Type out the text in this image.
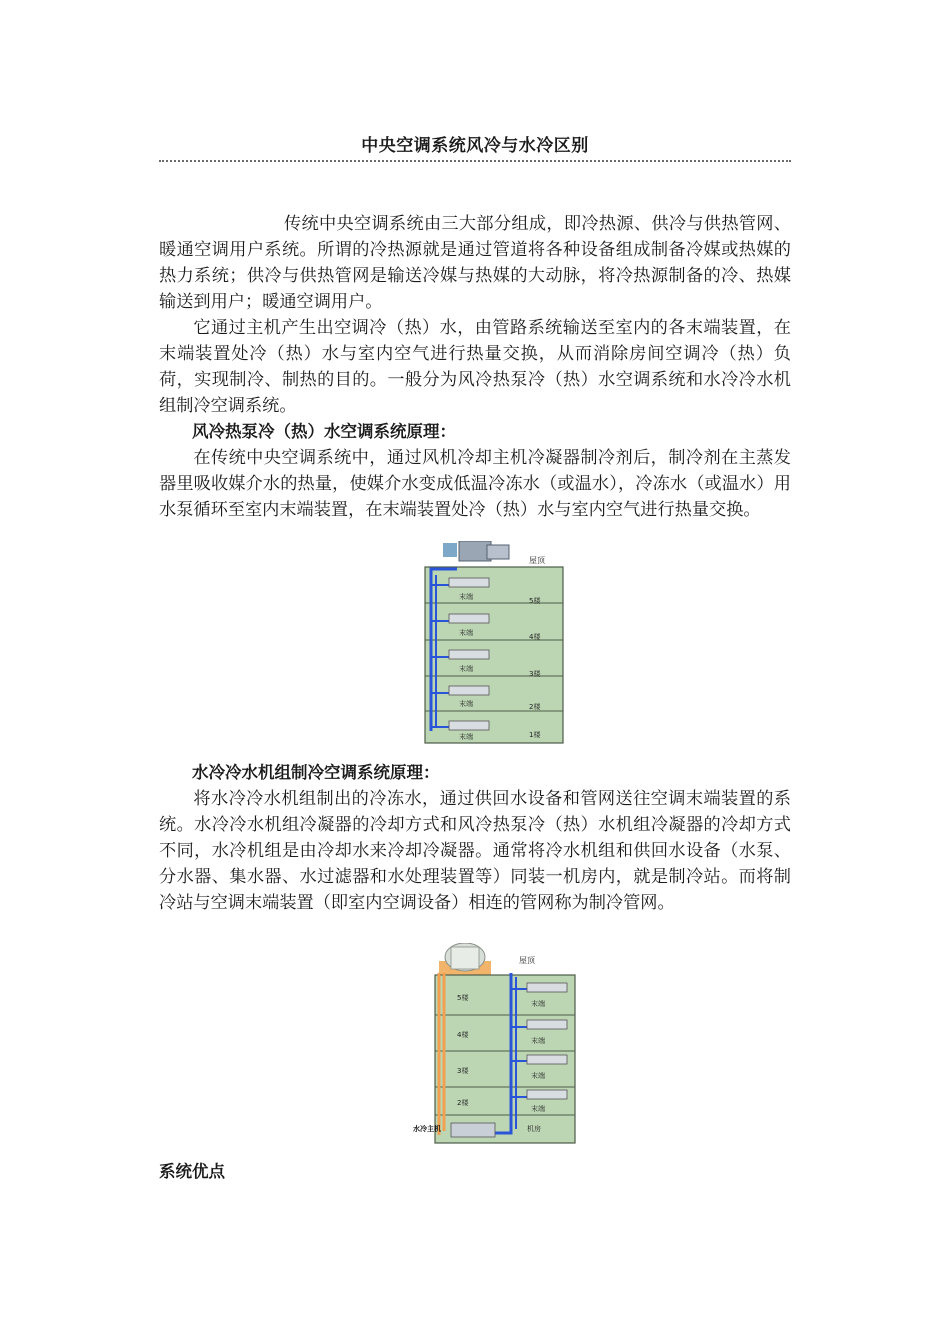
中央空调系统风冷与水冷区别

传统中央空调系统由三大部分组成，即冷热源、供冷与供热管网、暖通空调用户系统。所谓的冷热源就是通过管道将各种设备组成制备冷媒或热媒的热力系统；供冷与供热管网是输送冷媒与热媒的大动脉，将冷热源制备的冷、热媒输送到用户；暖通空调用户。

它通过主机产生出空调冷（热）水，由管路系统输送至室内的各末端装置，在末端装置处冷（热）水与室内空气进行热量交换，从而消除房间空调冷（热）负荷，实现制冷、制热的目的。一般分为风冷热泵冷（热）水空调系统和水冷冷水机组制冷空调系统。

风冷热泵冷（热）水空调系统原理：

在传统中央空调系统中，通过风机冷却主机冷凝器制冷剂后，制冷剂在主蒸发器里吸收媒介水的热量，使媒介水变成低温冷冻水（或温水），冷冻水（或温水）用水泵循环至室内末端装置，在末端装置处冷（热）水与室内空气进行热量交换。

屋顶
末端
末端
末端
末端
末端
5楼
4楼
3楼
2楼
1楼

水冷冷水机组制冷空调系统原理：

将水冷冷水机组制出的冷冻水，通过供回水设备和管网送往空调末端装置的系统。水冷冷水机组冷凝器的冷却方式和风冷热泵冷（热）水机组冷凝器的冷却方式不同，水冷机组是由冷却水来冷却冷凝器。通常将冷水机组和供回水设备（水泵、分水器、集水器、水过滤器和水处理装置等）同装一机房内，就是制冷站。而将制冷站与空调末端装置（即室内空调设备）相连的管网称为制冷管网。

屋顶
末端
末端
末端
末端
5楼
4楼
3楼
2楼
机房
水冷主机
系统优点
